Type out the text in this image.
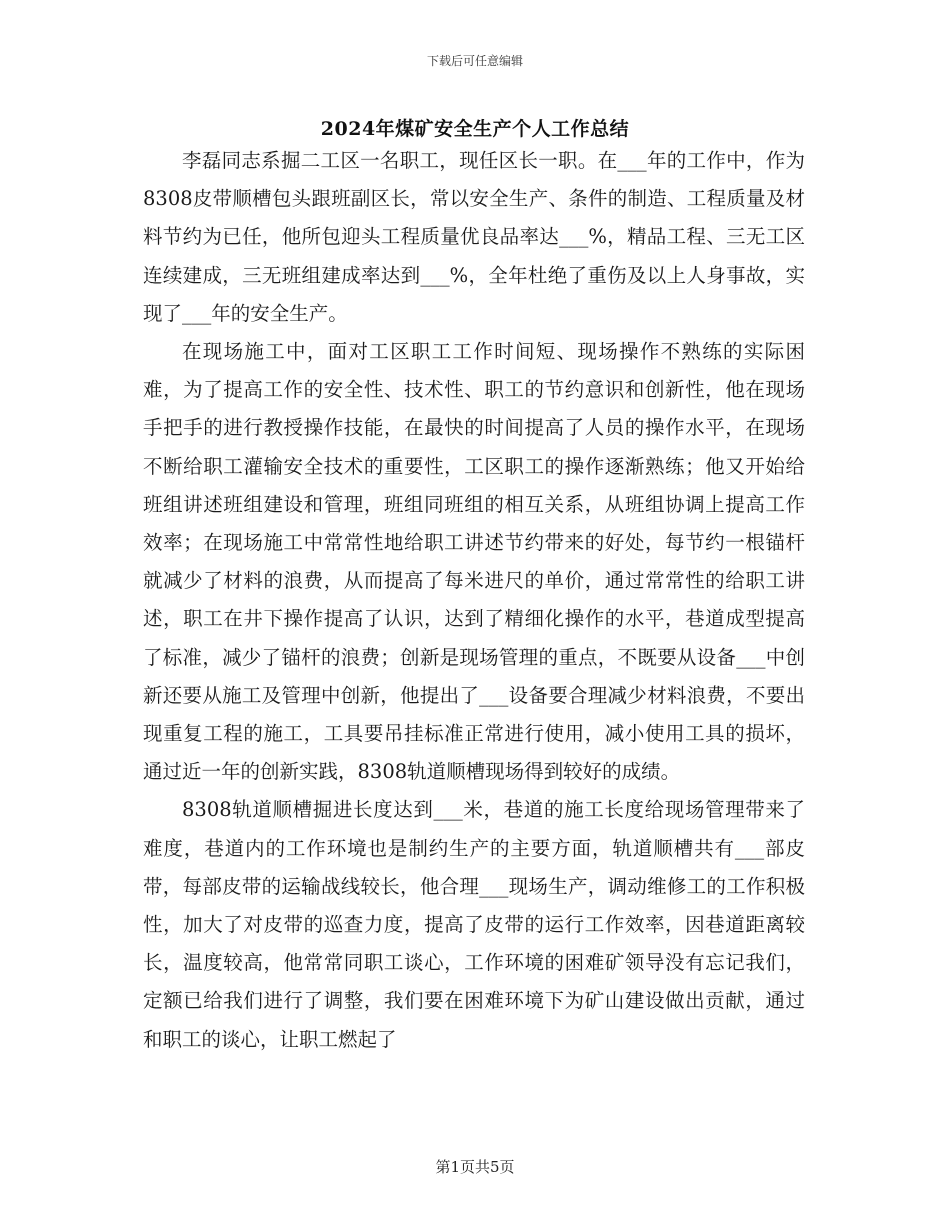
下载后可任意编辑
2024年煤矿安全生产个人工作总结

李磊同志系掘二工区一名职工，现任区长一职。在___年的工作中，作为8308皮带顺槽包头跟班副区长，常以安全生产、条件的制造、工程质量及材料节约为已任，他所包迎头工程质量优良品率达___%，精品工程、三无工区连续建成，三无班组建成率达到___%，全年杜绝了重伤及以上人身事故，实现了___年的安全生产。

在现场施工中，面对工区职工工作时间短、现场操作不熟练的实际困难，为了提高工作的安全性、技术性、职工的节约意识和创新性，他在现场手把手的进行教授操作技能，在最快的时间提高了人员的操作水平，在现场不断给职工灌输安全技术的重要性，工区职工的操作逐渐熟练；他又开始给班组讲述班组建设和管理，班组同班组的相互关系，从班组协调上提高工作效率；在现场施工中常常性地给职工讲述节约带来的好处，每节约一根锚杆就减少了材料的浪费，从而提高了每米进尺的单价，通过常常性的给职工讲述，职工在井下操作提高了认识，达到了精细化操作的水平，巷道成型提高了标准，减少了锚杆的浪费；创新是现场管理的重点，不既要从设备___中创新还要从施工及管理中创新，他提出了___设备要合理减少材料浪费，不要出现重复工程的施工，工具要吊挂标准正常进行使用，减小使用工具的损坏，通过近一年的创新实践，8308轨道顺槽现场得到较好的成绩。

8308轨道顺槽掘进长度达到___米，巷道的施工长度给现场管理带来了难度，巷道内的工作环境也是制约生产的主要方面，轨道顺槽共有___部皮带，每部皮带的运输战线较长，他合理___现场生产，调动维修工的工作积极性，加大了对皮带的巡查力度，提高了皮带的运行工作效率，因巷道距离较长，温度较高，他常常同职工谈心，工作环境的困难矿领导没有忘记我们，定额已给我们进行了调整，我们要在困难环境下为矿山建设做出贡献，通过和职工的谈心，让职工燃起了

第1页共5页
